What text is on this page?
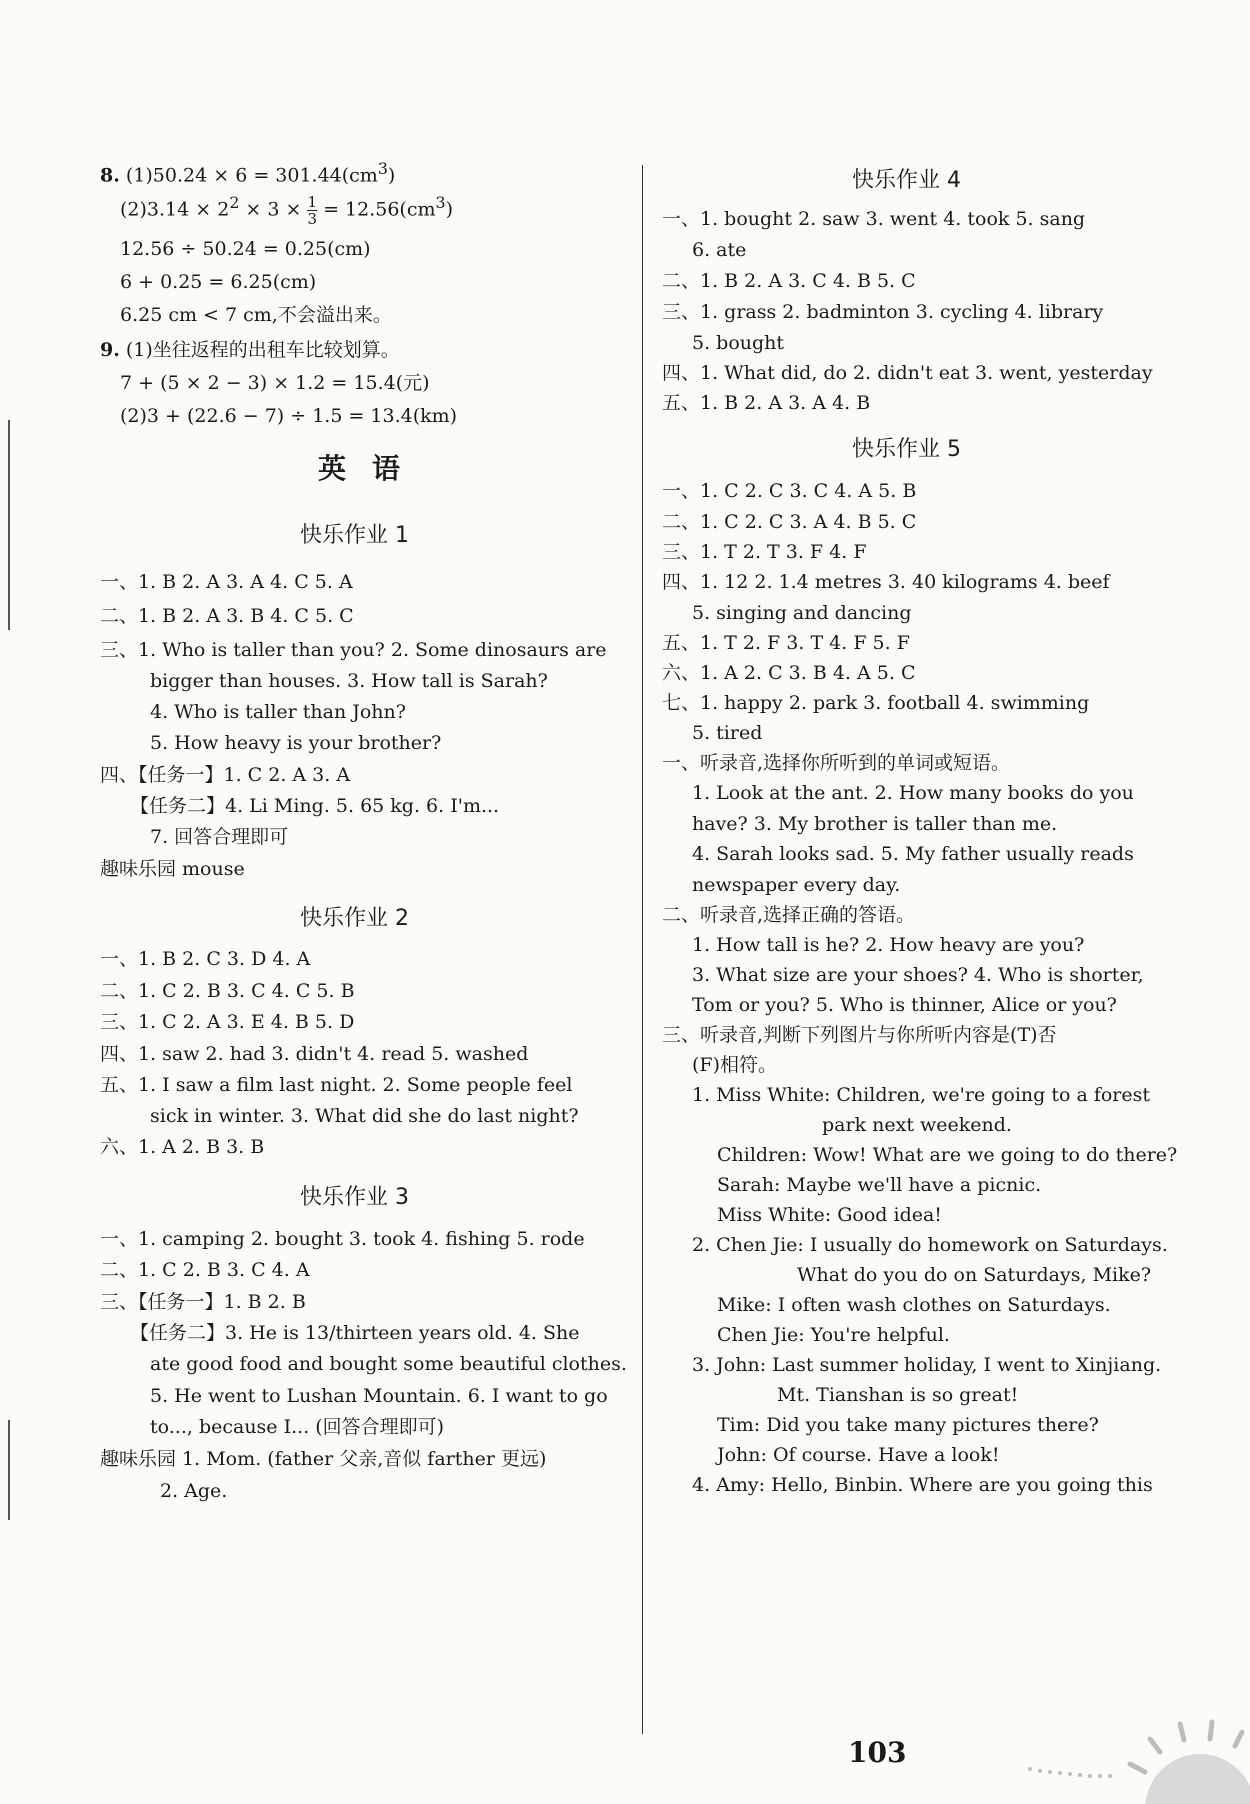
8. $(1)50.24 \times 6 = 301.44(cm^3)$
$(2)3.14 \times 2^2 \times 3 \times \frac{1}{3} = 12.56(cm^3)$
12.56 ÷ 50.24 = 0.25(cm)
6 + 0.25 = 6.25(cm)
6.25 cm < 7 cm,不会溢出来。
9. (1)坐往返程的出租车比较划算。
7 + (5 × 2 − 3) × 1.2 = 15.4(元)
(2)3 + (22.6 − 7) ÷ 1.5 = 13.4(km)
英语
快乐作业 1
一、1. B 2. A 3. A 4. C 5. A
二、1. B 2. A 3. B 4. C 5. C
三、1. Who is taller than you? 2. Some dinosaurs are
bigger than houses. 3. How tall is Sarah?
4. Who is taller than John?
5. How heavy is your brother?
四、【任务一】1. C 2. A 3. A
【任务二】4. Li Ming. 5. 65 kg. 6. I'm...
7. 回答合理即可
趣味乐园 mouse
快乐作业 2
一、1. B 2. C 3. D 4. A
二、1. C 2. B 3. C 4. C 5. B
三、1. C 2. A 3. E 4. B 5. D
四、1. saw 2. had 3. didn't 4. read 5. washed
五、1. I saw a film last night. 2. Some people feel
sick in winter. 3. What did she do last night?
六、1. A 2. B 3. B
快乐作业 3
一、1. camping 2. bought 3. took 4. fishing 5. rode
二、1. C 2. B 3. C 4. A
三、【任务一】1. B 2. B
【任务二】3. He is 13/thirteen years old. 4. She
ate good food and bought some beautiful clothes.
5. He went to Lushan Mountain. 6. I want to go
to..., because I... (回答合理即可)
趣味乐园 1. Mom. (father 父亲,音似 farther 更远)
2. Age.
快乐作业 4
一、1. bought 2. saw 3. went 4. took 5. sang
6. ate
二、1. B 2. A 3. C 4. B 5. C
三、1. grass 2. badminton 3. cycling 4. library
5. bought
四、1. What did, do 2. didn't eat 3. went, yesterday
五、1. B 2. A 3. A 4. B
快乐作业 5
一、1. C 2. C 3. C 4. A 5. B
二、1. C 2. C 3. A 4. B 5. C
三、1. T 2. T 3. F 4. F
四、1. 12 2. 1.4 metres 3. 40 kilograms 4. beef
5. singing and dancing
五、1. T 2. F 3. T 4. F 5. F
六、1. A 2. C 3. B 4. A 5. C
七、1. happy 2. park 3. football 4. swimming
5. tired
一、听录音,选择你所听到的单词或短语。
1. Look at the ant. 2. How many books do you
have? 3. My brother is taller than me.
4. Sarah looks sad. 5. My father usually reads
newspaper every day.
二、听录音,选择正确的答语。
1. How tall is he? 2. How heavy are you?
3. What size are your shoes? 4. Who is shorter,
Tom or you? 5. Who is thinner, Alice or you?
三、听录音,判断下列图片与你所听内容是(T)否
(F)相符。
1. Miss White: Children, we're going to a forest
park next weekend.
Children: Wow! What are we going to do there?
Sarah: Maybe we'll have a picnic.
Miss White: Good idea!
2. Chen Jie: I usually do homework on Saturdays.
What do you do on Saturdays, Mike?
Mike: I often wash clothes on Saturdays.
Chen Jie: You're helpful.
3. John: Last summer holiday, I went to Xinjiang.
Mt. Tianshan is so great!
Tim: Did you take many pictures there?
John: Of course. Have a look!
4. Amy: Hello, Binbin. Where are you going this
103
